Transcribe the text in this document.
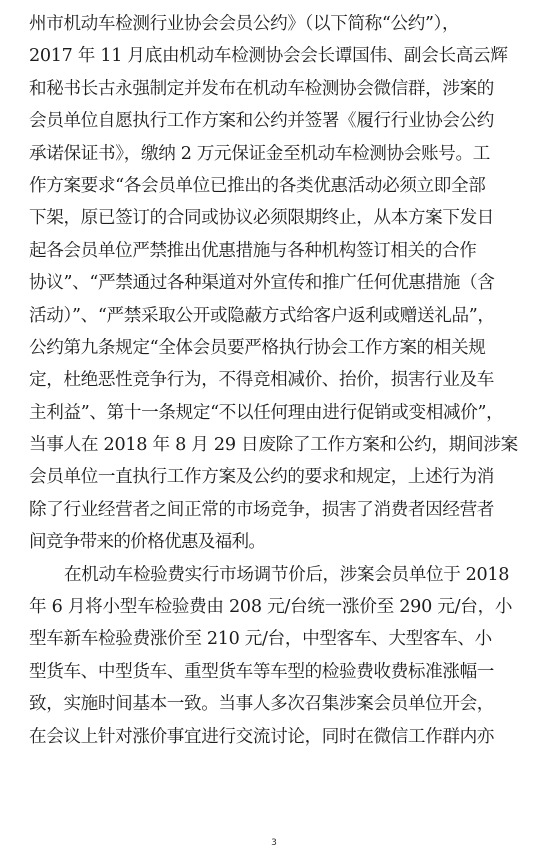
州市机动车检测行业协会会员公约》（以下简称“公约”），
2017 年 11 月底由机动车检测协会会长谭国伟、副会长高云辉
和秘书长古永强制定并发布在机动车检测协会微信群，涉案的
会员单位自愿执行工作方案和公约并签署《履行行业协会公约
承诺保证书》，缴纳 2 万元保证金至机动车检测协会账号。工
作方案要求“各会员单位已推出的各类优惠活动必须立即全部
下架，原已签订的合同或协议必须限期终止，从本方案下发日
起各会员单位严禁推出优惠措施与各种机构签订相关的合作
协议”、“严禁通过各种渠道对外宣传和推广任何优惠措施（含
活动）”、“严禁采取公开或隐蔽方式给客户返利或赠送礼品”，
公约第九条规定“全体会员要严格执行协会工作方案的相关规
定，杜绝恶性竞争行为，不得竞相减价、抬价，损害行业及车
主利益”、第十一条规定“不以任何理由进行促销或变相减价”，
当事人在 2018 年 8 月 29 日废除了工作方案和公约，期间涉案
会员单位一直执行工作方案及公约的要求和规定，上述行为消
除了行业经营者之间正常的市场竞争，损害了消费者因经营者
间竞争带来的价格优惠及福利。
在机动车检验费实行市场调节价后，涉案会员单位于 2018
年 6 月将小型车检验费由 208 元/台统一涨价至 290 元/台，小
型车新车检验费涨价至 210 元/台，中型客车、大型客车、小
型货车、中型货车、重型货车等车型的检验费收费标准涨幅一
致，实施时间基本一致。当事人多次召集涉案会员单位开会，
在会议上针对涨价事宜进行交流讨论，同时在微信工作群内亦
3
